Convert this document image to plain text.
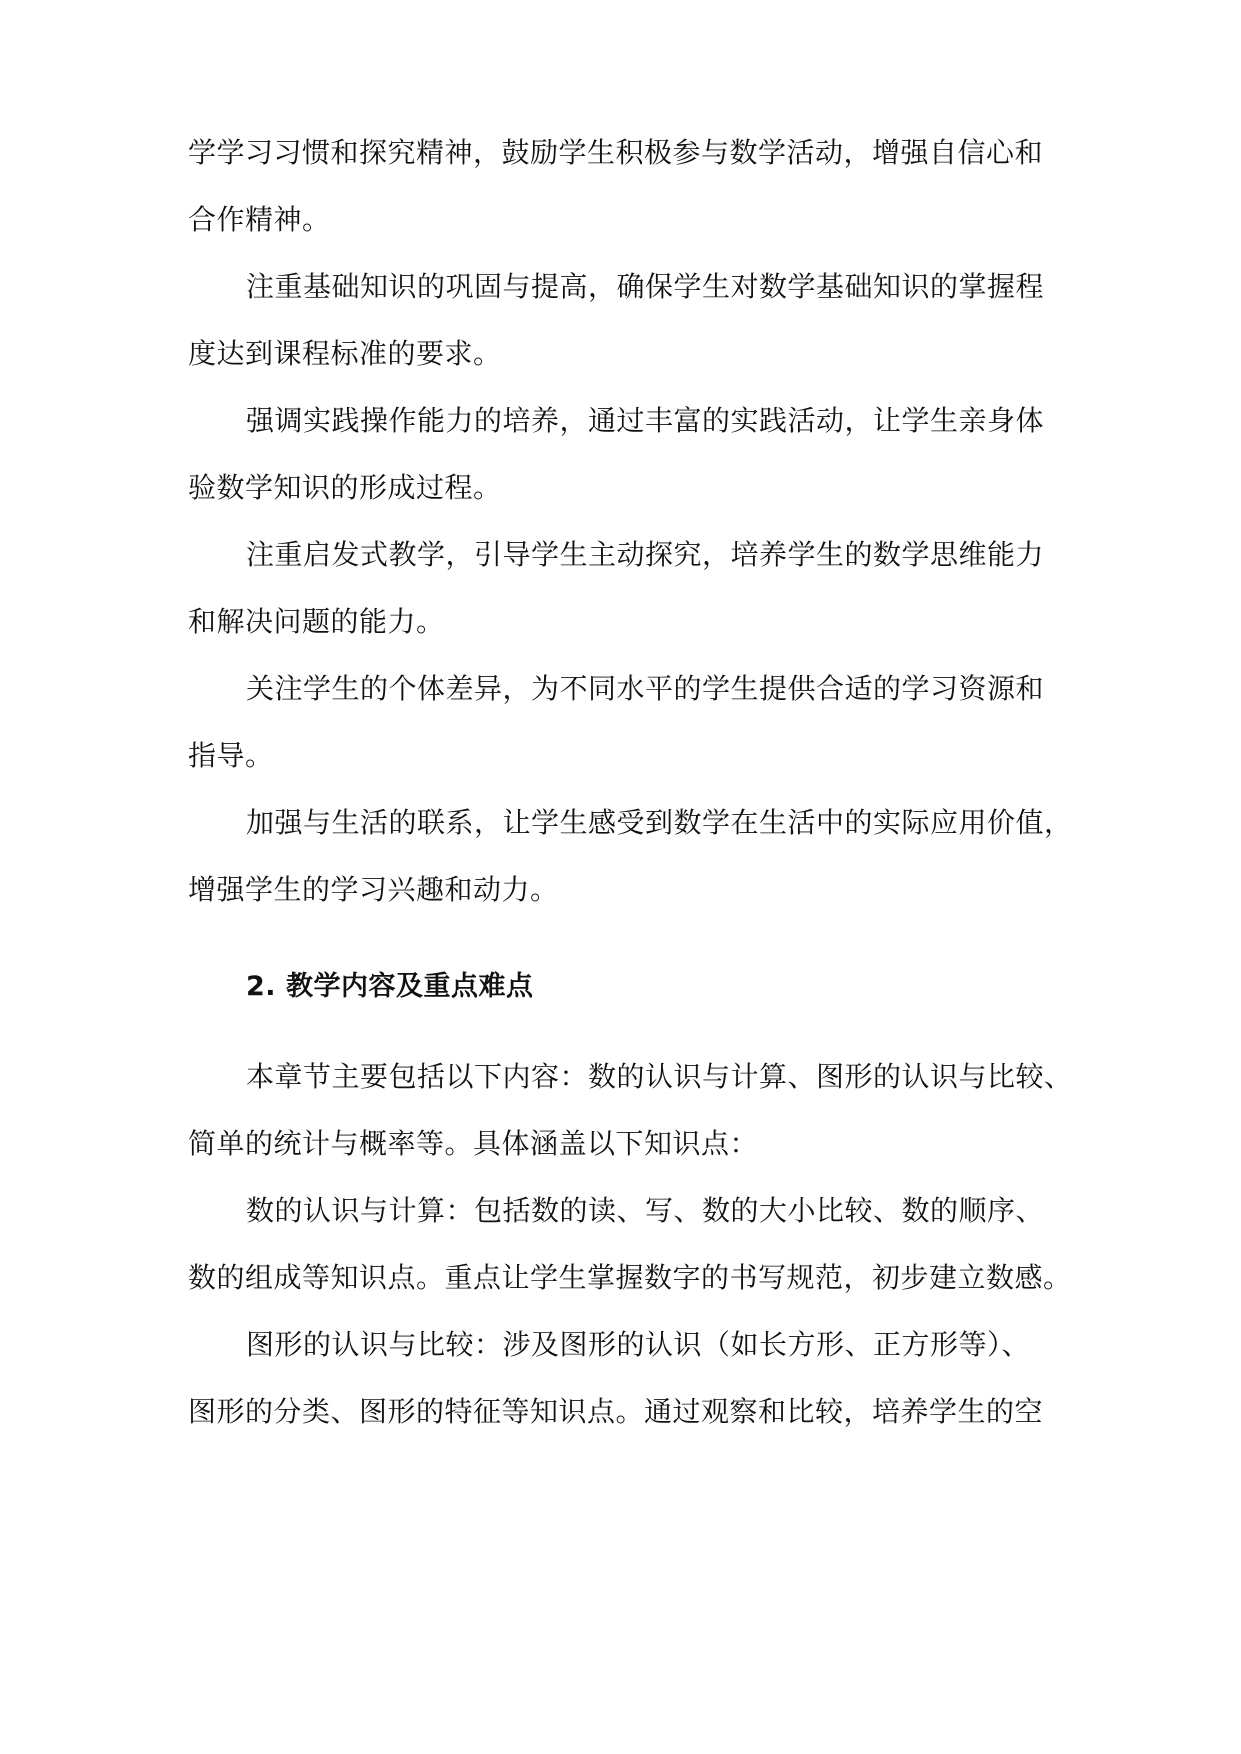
学学习习惯和探究精神，鼓励学生积极参与数学活动，增强自信心和
合作精神。
注重基础知识的巩固与提高，确保学生对数学基础知识的掌握程
度达到课程标准的要求。
强调实践操作能力的培养，通过丰富的实践活动，让学生亲身体
验数学知识的形成过程。
注重启发式教学，引导学生主动探究，培养学生的数学思维能力
和解决问题的能力。
关注学生的个体差异，为不同水平的学生提供合适的学习资源和
指导。
加强与生活的联系，让学生感受到数学在生活中的实际应用价值，
增强学生的学习兴趣和动力。
2. 教学内容及重点难点
本章节主要包括以下内容：数的认识与计算、图形的认识与比较、
简单的统计与概率等。具体涵盖以下知识点：
数的认识与计算：包括数的读、写、数的大小比较、数的顺序、
数的组成等知识点。重点让学生掌握数字的书写规范，初步建立数感。
图形的认识与比较：涉及图形的认识（如长方形、正方形等）、
图形的分类、图形的特征等知识点。通过观察和比较，培养学生的空
